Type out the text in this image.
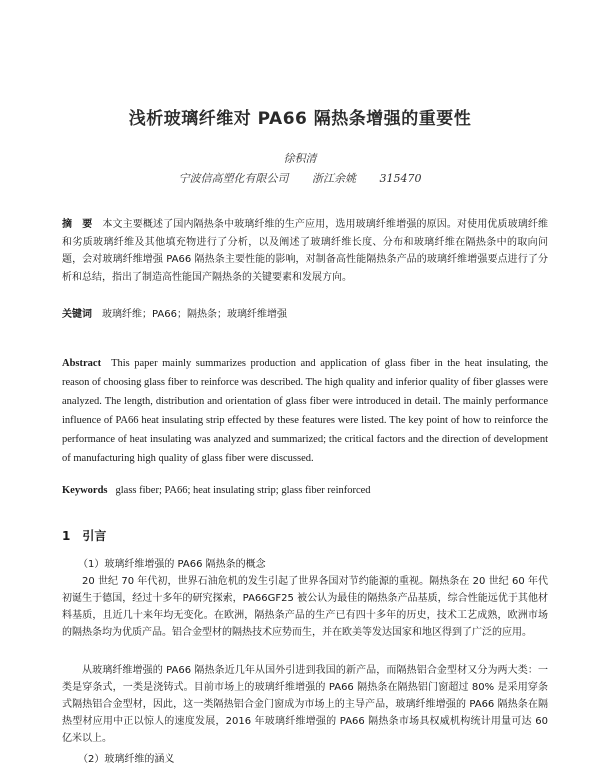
浅析玻璃纤维对 PA66 隔热条增强的重要性
徐积清
宁波信高塑化有限公司 浙江余姚 315470
摘　要 本文主要概述了国内隔热条中玻璃纤维的生产应用，选用玻璃纤维增强的原因。对使用优质玻璃纤维和劣质玻璃纤维及其他填充物进行了分析，以及阐述了玻璃纤维长度、分布和玻璃纤维在隔热条中的取向问题，会对玻璃纤维增强 PA66 隔热条主要性能的影响，对制备高性能隔热条产品的玻璃纤维增强要点进行了分析和总结，指出了制造高性能国产隔热条的关键要素和发展方向。
关键词 玻璃纤维；PA66；隔热条；玻璃纤维增强
Abstract This paper mainly summarizes production and application of glass fiber in the heat insulating, the reason of choosing glass fiber to reinforce was described. The high quality and inferior quality of fiber glasses were analyzed. The length, distribution and orientation of glass fiber were introduced in detail. The mainly performance influence of PA66 heat insulating strip effected by these features were listed. The key point of how to reinforce the performance of heat insulating was analyzed and summarized; the critical factors and the direction of development of manufacturing high quality of glass fiber were discussed.
Keywords glass fiber; PA66; heat insulating strip; glass fiber reinforced
1 引言
（1）玻璃纤维增强的 PA66 隔热条的概念
20 世纪 70 年代初，世界石油危机的发生引起了世界各国对节约能源的重视。隔热条在 20 世纪 60 年代初诞生于德国，经过十多年的研究探索，PA66GF25 被公认为最佳的隔热条产品基质，综合性能远优于其他材料基质，且近几十来年均无变化。在欧洲，隔热条产品的生产已有四十多年的历史，技术工艺成熟，欧洲市场的隔热条均为优质产品。铝合金型材的隔热技术应势而生，并在欧美等发达国家和地区得到了广泛的应用。
从玻璃纤维增强的 PA66 隔热条近几年从国外引进到我国的新产品，而隔热铝合金型材又分为两大类：一类是穿条式，一类是浇铸式。目前市场上的玻璃纤维增强的 PA66 隔热条在隔热铝门窗超过 80% 是采用穿条式隔热铝合金型材，因此，这一类隔热铝合金门窗成为市场上的主导产品，玻璃纤维增强的 PA66 隔热条在隔热型材应用中正以惊人的速度发展，2016 年玻璃纤维增强的 PA66 隔热条市场具权威机构统计用量可达 60 亿米以上。
（2）玻璃纤维的涵义
